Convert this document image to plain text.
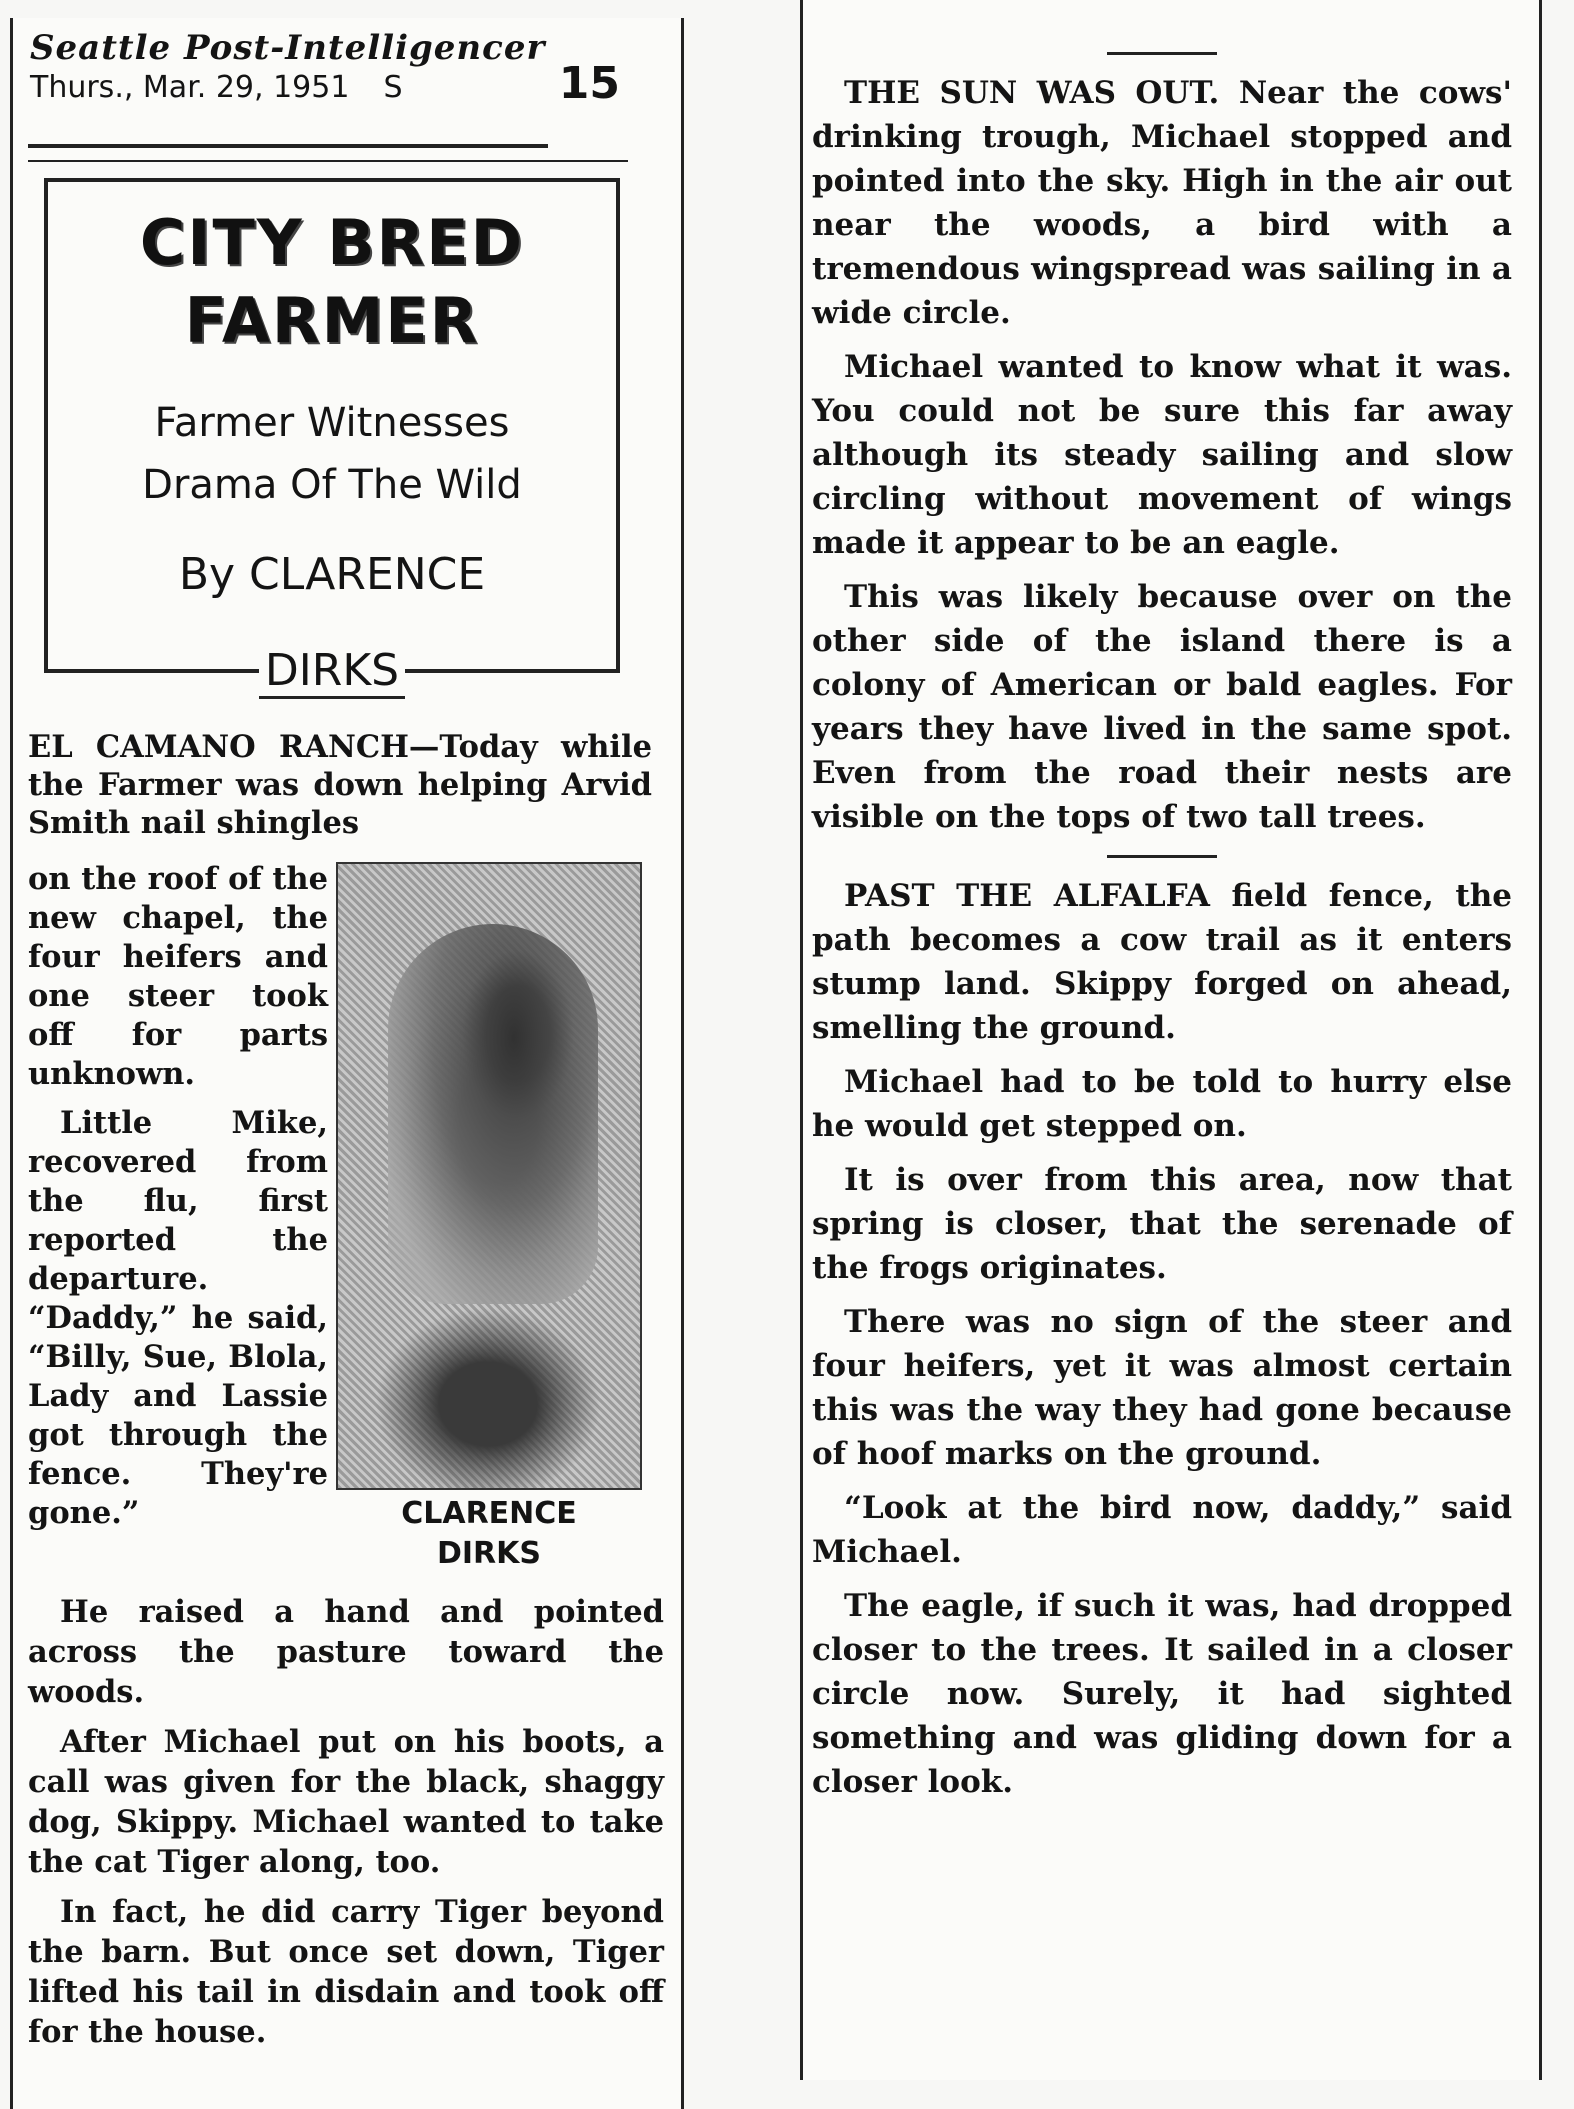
Seattle Post-Intelligencer
Thurs., Mar. 29, 1951 S	15
CITY BRED
FARMER
Farmer Witnesses
Drama Of The Wild
By CLARENCE
DIRKS

EL CAMANO RANCH—Today while the Farmer was down helping Arvid Smith nail shingles

on the roof of the new chapel, the four heifers and one steer took off for parts unknown.

Little Mike, recovered from the flu, first reported the departure. “Daddy,” he said, “Billy, Sue, Blola, Lady and Lassie got through the fence. They're gone.”	CLARENCE
DIRKS

He raised a hand and pointed across the pasture toward the woods.

After Michael put on his boots, a call was given for the black, shaggy dog, Skippy. Michael wanted to take the cat Tiger along, too.

In fact, he did carry Tiger beyond the barn. But once set down, Tiger lifted his tail in disdain and took off for the house.

THE SUN WAS OUT. Near the cows' drinking trough, Michael stopped and pointed into the sky. High in the air out near the woods, a bird with a tremendous wingspread was sailing in a wide circle.

Michael wanted to know what it was. You could not be sure this far away although its steady sailing and slow circling without movement of wings made it appear to be an eagle.

This was likely because over on the other side of the island there is a colony of American or bald eagles. For years they have lived in the same spot. Even from the road their nests are visible on the tops of two tall trees.

PAST THE ALFALFA field fence, the path becomes a cow trail as it enters stump land. Skippy forged on ahead, smelling the ground.

Michael had to be told to hurry else he would get stepped on.

It is over from this area, now that spring is closer, that the serenade of the frogs originates.

There was no sign of the steer and four heifers, yet it was almost certain this was the way they had gone because of hoof marks on the ground.

“Look at the bird now, daddy,” said Michael.

The eagle, if such it was, had dropped closer to the trees. It sailed in a closer circle now. Surely, it had sighted something and was gliding down for a closer look.
